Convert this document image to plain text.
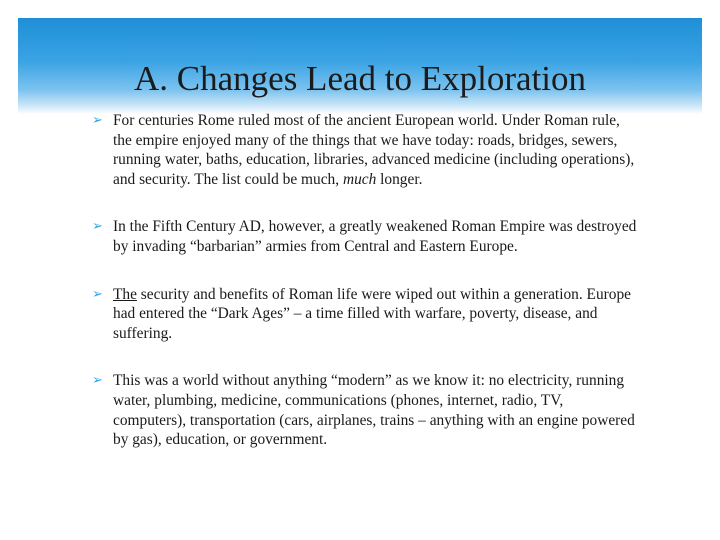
A. Changes Lead to Exploration
➢ For centuries Rome ruled most of the ancient European world. Under Roman rule, the empire enjoyed many of the things that we have today: roads, bridges, sewers, running water, baths, education, libraries, advanced medicine (including operations), and security. The list could be much, much longer.
➢ In the Fifth Century AD, however, a greatly weakened Roman Empire was destroyed by invading “barbarian” armies from Central and Eastern Europe.
➢ The security and benefits of Roman life were wiped out within a generation. Europe had entered the “Dark Ages” – a time filled with warfare, poverty, disease, and suffering.
➢ This was a world without anything “modern” as we know it: no electricity, running water, plumbing, medicine, communications (phones, internet, radio, TV, computers), transportation (cars, airplanes, trains – anything with an engine powered by gas), education, or government.
